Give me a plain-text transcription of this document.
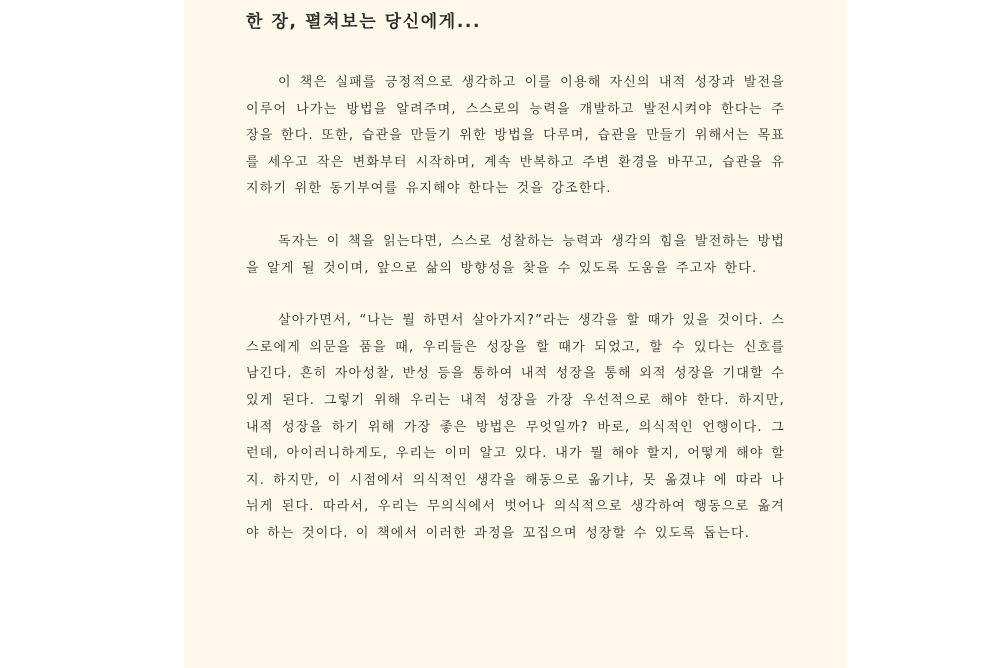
한 장, 펼쳐보는 당신에게...

이 책은 실패를 긍정적으로 생각하고 이를 이용해 자신의 내적 성장과 발전을 이루어 나가는 방법을 알려주며, 스스로의 능력을 개발하고 발전시켜야 한다는 주장을 한다. 또한, 습관을 만들기 위한 방법을 다루며, 습관을 만들기 위해서는 목표를 세우고 작은 변화부터 시작하며, 계속 반복하고 주변 환경을 바꾸고, 습관을 유지하기 위한 동기부여를 유지해야 한다는 것을 강조한다.

독자는 이 책을 읽는다면, 스스로 성찰하는 능력과 생각의 힘을 발전하는 방법을 알게 될 것이며, 앞으로 삶의 방향성을 찾을 수 있도록 도움을 주고자 한다.

살아가면서, “나는 뭘 하면서 살아가지?”라는 생각을 할 때가 있을 것이다. 스스로에게 의문을 품을 때, 우리들은 성장을 할 때가 되었고, 할 수 있다는 신호를 남긴다. 흔히 자아성찰, 반성 등을 통하여 내적 성장을 통해 외적 성장을 기대할 수 있게 된다. 그렇기 위해 우리는 내적 성장을 가장 우선적으로 해야 한다. 하지만, 내적 성장을 하기 위해 가장 좋은 방법은 무엇일까? 바로, 의식적인 언행이다. 그런데, 아이러니하게도, 우리는 이미 알고 있다. 내가 뭘 해야 할지, 어떻게 해야 할지. 하지만, 이 시점에서 의식적인 생각을 해동으로 옮기냐, 못 옮겼냐 에 따라 나뉘게 된다. 따라서, 우리는 무의식에서 벗어나 의식적으로 생각하여 행동으로 옮겨야 하는 것이다. 이 책에서 이러한 과정을 꼬집으며 성장할 수 있도록 돕는다.
